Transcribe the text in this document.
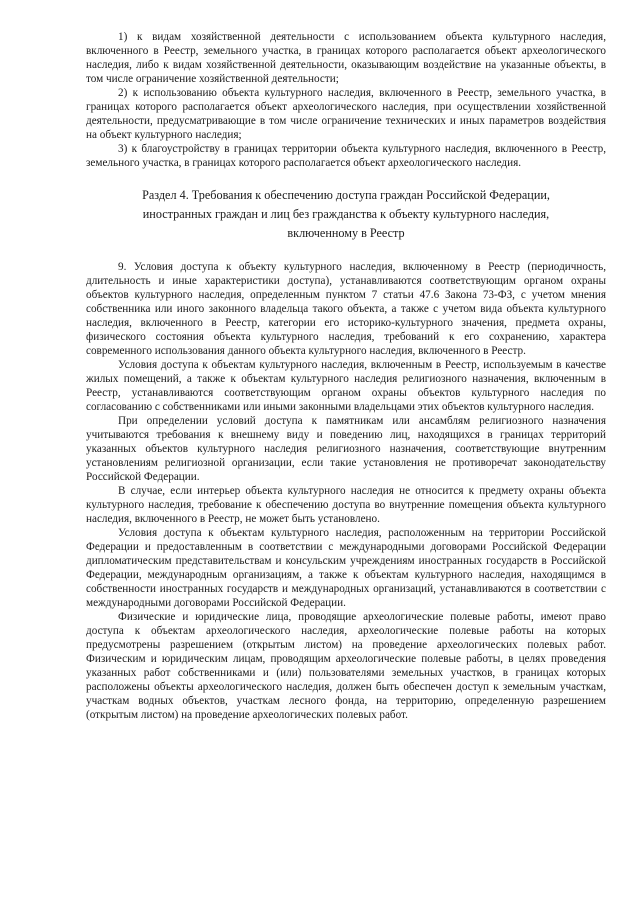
1) к видам хозяйственной деятельности с использованием объекта культурного наследия, включенного в Реестр, земельного участка, в границах которого располагается объект археологического наследия, либо к видам хозяйственной деятельности, оказывающим воздействие на указанные объекты, в том числе ограничение хозяйственной деятельности;

2) к использованию объекта культурного наследия, включенного в Реестр, земельного участка, в границах которого располагается объект археологического наследия, при осуществлении хозяйственной деятельности, предусматривающие в том числе ограничение технических и иных параметров воздействия на объект культурного наследия;

3) к благоустройству в границах территории объекта культурного наследия, включенного в Реестр, земельного участка, в границах которого располагается объект археологического наследия.

Раздел 4. Требования к обеспечению доступа граждан Российской Федерации,
иностранных граждан и лиц без гражданства к объекту культурного наследия,
включенному в Реестр

9. Условия доступа к объекту культурного наследия, включенному в Реестр (периодичность, длительность и иные характеристики доступа), устанавливаются соответствующим органом охраны объектов культурного наследия, определенным пунктом 7 статьи 47.6 Закона 73-ФЗ, с учетом мнения собственника или иного законного владельца такого объекта, а также с учетом вида объекта культурного наследия, включенного в Реестр, категории его историко-культурного значения, предмета охраны, физического состояния объекта культурного наследия, требований к его сохранению, характера современного использования данного объекта культурного наследия, включенного в Реестр.

Условия доступа к объектам культурного наследия, включенным в Реестр, используемым в качестве жилых помещений, а также к объектам культурного наследия религиозного назначения, включенным в Реестр, устанавливаются соответствующим органом охраны объектов культурного наследия по согласованию с собственниками или иными законными владельцами этих объектов культурного наследия.

При определении условий доступа к памятникам или ансамблям религиозного назначения учитываются требования к внешнему виду и поведению лиц, находящихся в границах территорий указанных объектов культурного наследия религиозного назначения, соответствующие внутренним установлениям религиозной организации, если такие установления не противоречат законодательству Российской Федерации.

В случае, если интерьер объекта культурного наследия не относится к предмету охраны объекта культурного наследия, требование к обеспечению доступа во внутренние помещения объекта культурного наследия, включенного в Реестр, не может быть установлено.

Условия доступа к объектам культурного наследия, расположенным на территории Российской Федерации и предоставленным в соответствии с международными договорами Российской Федерации дипломатическим представительствам и консульским учреждениям иностранных государств в Российской Федерации, международным организациям, а также к объектам культурного наследия, находящимся в собственности иностранных государств и международных организаций, устанавливаются в соответствии с международными договорами Российской Федерации.

Физические и юридические лица, проводящие археологические полевые работы, имеют право доступа к объектам археологического наследия, археологические полевые работы на которых предусмотрены разрешением (открытым листом) на проведение археологических полевых работ. Физическим и юридическим лицам, проводящим археологические полевые работы, в целях проведения указанных работ собственниками и (или) пользователями земельных участков, в границах которых расположены объекты археологического наследия, должен быть обеспечен доступ к земельным участкам, участкам водных объектов, участкам лесного фонда, на территорию, определенную разрешением (открытым листом) на проведение археологических полевых работ.
